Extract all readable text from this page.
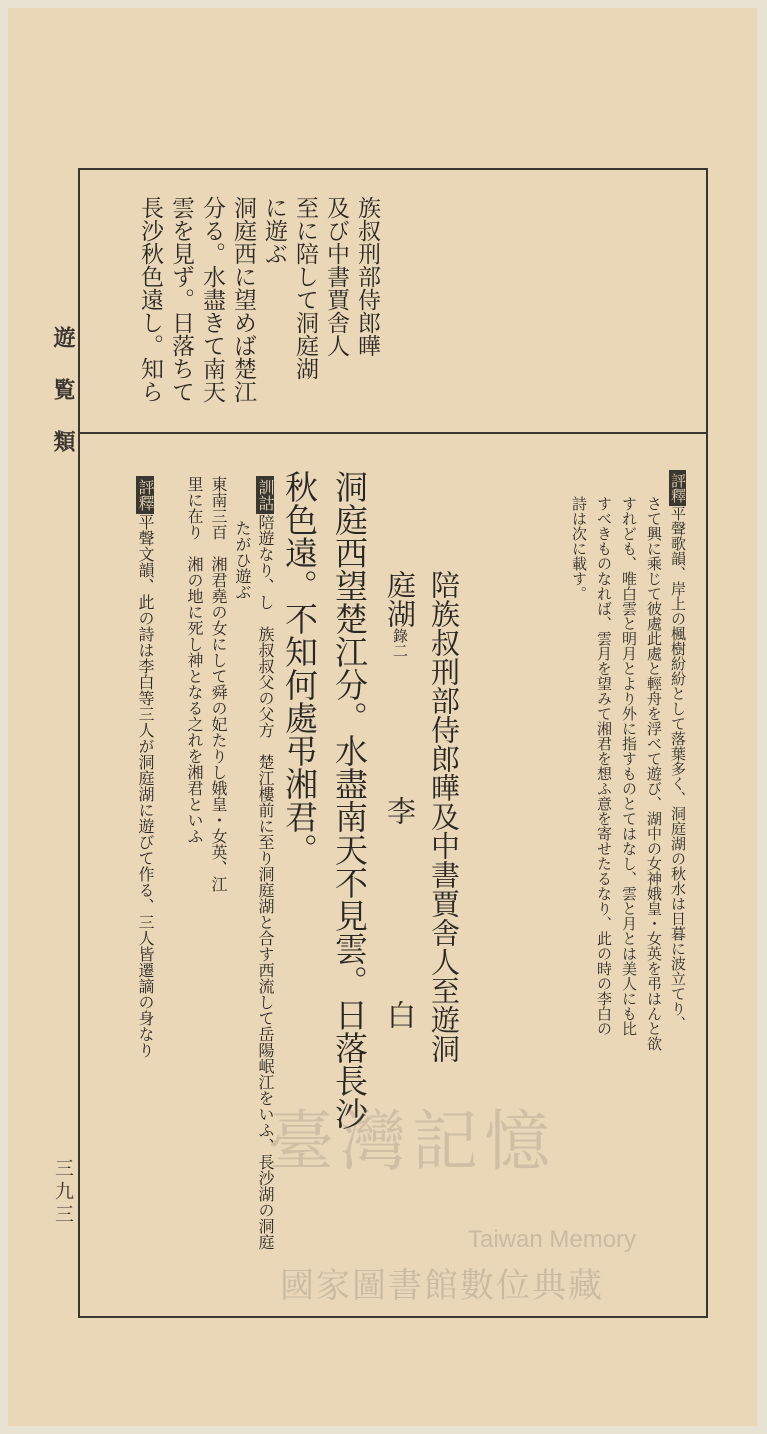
遊覧類
三九三
族叔刑部侍郎曄
及び中書賈舎人
至に陪して洞庭湖
に遊ぶ
洞庭西に望めば楚江
分る。水盡きて南天
雲を見ず。日落ちて
長沙秋色遠し。知ら
評釋平聲歌韻、岸上の楓樹紛紛として落葉多く、洞庭湖の秋水は日暮に波立てり、
さて興に乘じて彼處此處と輕舟を浮べて遊び、湖中の女神娥皇・女英を弔はんと欲
すれども、唯白雲と明月とより外に指すものとてはなし、雲と月とは美人にも比
すべきものなれば、雲月を望みて湘君を想ふ意を寄せたるなり、此の時の李白の
詩は次に載す。
陪族叔刑部侍郎曄及中書賈舎人至遊洞
庭湖錄二
李
白
洞庭西望楚江分。水盡南天不見雲。日落長沙
秋色遠。不知何處弔湘君。
訓詁陪遊なり、し　族叔叔父の父方　楚江樓前に至り洞庭湖と合す西流して岳陽岷江をいふ、長沙湖の洞庭
たがひ遊ぶ
東南三百　湘君堯の女にして舜の妃たりし娥皇・女英、江
里に在り　湘の地に死し神となる之れを湘君といふ
評釋平聲文韻、此の詩は李白等三人が洞庭湖に遊びて作る、三人皆遷謫の身なり
臺灣記憶
Taiwan Memory
國家圖書館數位典藏
